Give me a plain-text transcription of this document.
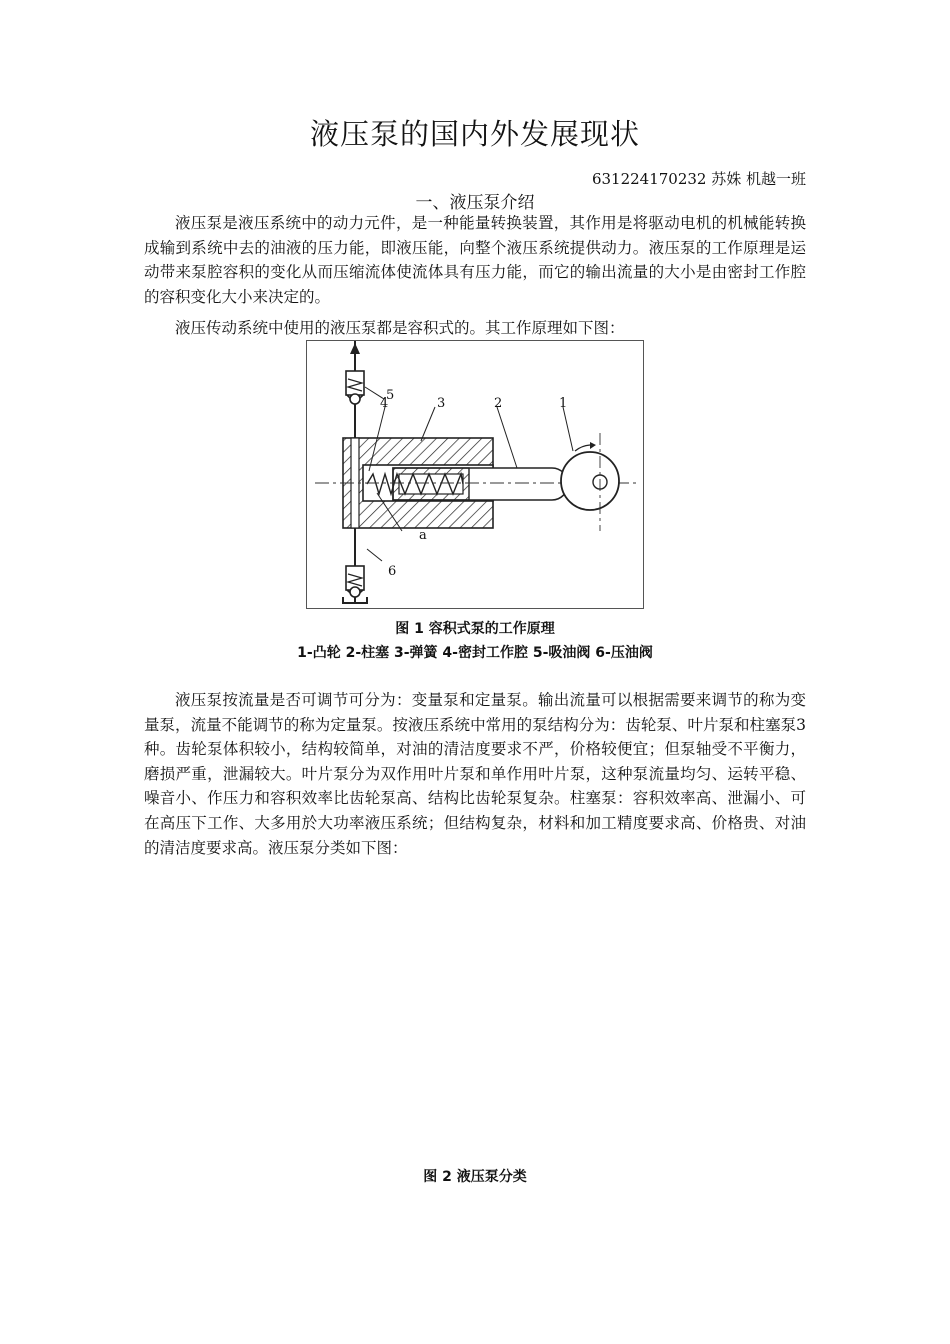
液压泵的国内外发展现状
631224170232 苏姝 机越一班
一、液压泵介绍

液压泵是液压系统中的动力元件，是一种能量转换装置，其作用是将驱动电机的机械能转换成输到系统中去的油液的压力能，即液压能，向整个液压系统提供动力。液压泵的工作原理是运动带来泵腔容积的变化从而压缩流体使流体具有压力能，而它的输出流量的大小是由密封工作腔的容积变化大小来决定的。

液压传动系统中使用的液压泵都是容积式的。其工作原理如下图：

5
4	3	2	1
a
6
图 1 容积式泵的工作原理
1-凸轮 2-柱塞 3-弹簧 4-密封工作腔 5-吸油阀 6-压油阀

液压泵按流量是否可调节可分为：变量泵和定量泵。输出流量可以根据需要来调节的称为变量泵，流量不能调节的称为定量泵。按液压系统中常用的泵结构分为：齿轮泵、叶片泵和柱塞泵3种。齿轮泵体积较小，结构较简单，对油的清洁度要求不严，价格较便宜；但泵轴受不平衡力，磨损严重，泄漏较大。叶片泵分为双作用叶片泵和单作用叶片泵，这种泵流量均匀、运转平稳、噪音小、作压力和容积效率比齿轮泵高、结构比齿轮泵复杂。柱塞泵：容积效率高、泄漏小、可在高压下工作、大多用於大功率液压系统；但结构复杂，材料和加工精度要求高、价格贵、对油的清洁度要求高。液压泵分类如下图：

图 2 液压泵分类
